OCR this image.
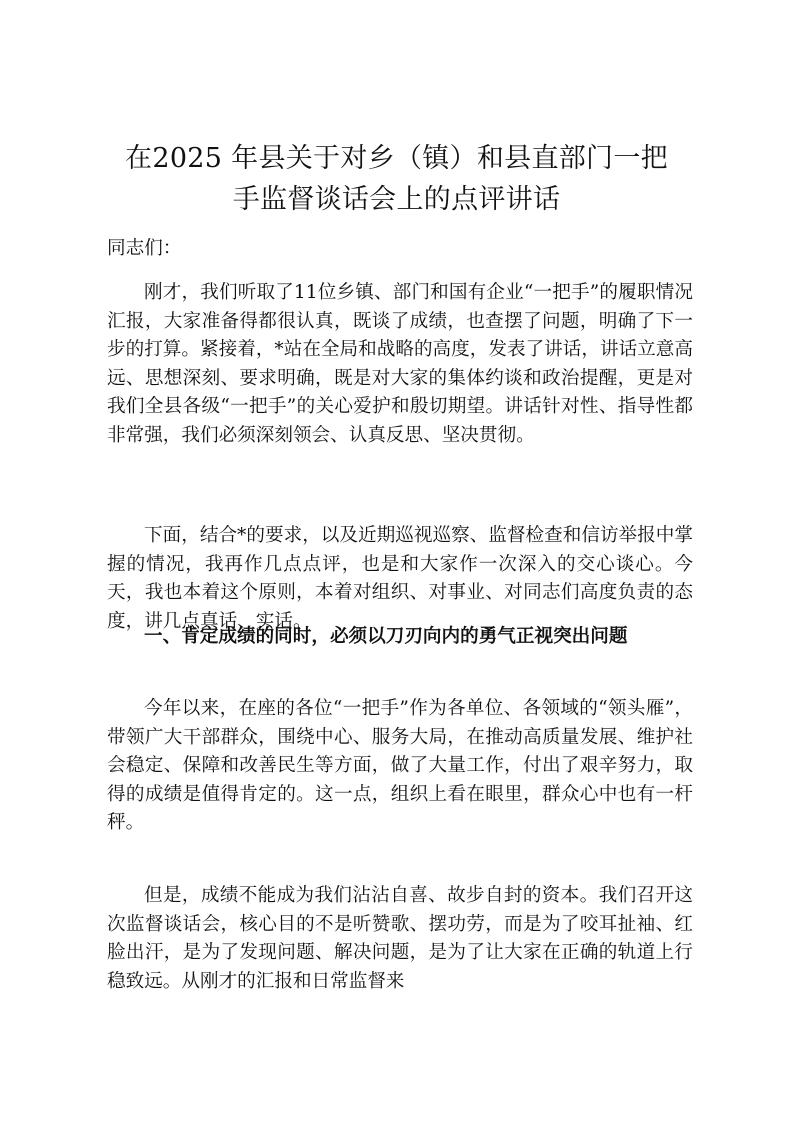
在2025 年县关于对乡（镇）和县直部门一把
手监督谈话会上的点评讲话

同志们：

刚才，我们听取了11位乡镇、部门和国有企业“一把手”的履职情况汇报，大家准备得都很认真，既谈了成绩，也查摆了问题，明确了下一步的打算。紧接着，*站在全局和战略的高度，发表了讲话，讲话立意高远、思想深刻、要求明确，既是对大家的集体约谈和政治提醒，更是对我们全县各级“一把手”的关心爱护和殷切期望。讲话针对性、指导性都非常强，我们必须深刻领会、认真反思、坚决贯彻。

下面，结合*的要求，以及近期巡视巡察、监督检查和信访举报中掌握的情况，我再作几点点评，也是和大家作一次深入的交心谈心。今天，我也本着这个原则，本着对组织、对事业、对同志们高度负责的态度，讲几点真话、实话。

一、肯定成绩的同时，必须以刀刃向内的勇气正视突出问题

今年以来，在座的各位“一把手”作为各单位、各领域的“领头雁”，带领广大干部群众，围绕中心、服务大局，在推动高质量发展、维护社会稳定、保障和改善民生等方面，做了大量工作，付出了艰辛努力，取得的成绩是值得肯定的。这一点，组织上看在眼里，群众心中也有一杆秤。

但是，成绩不能成为我们沾沾自喜、故步自封的资本。我们召开这次监督谈话会，核心目的不是听赞歌、摆功劳，而是为了咬耳扯袖、红脸出汗，是为了发现问题、解决问题，是为了让大家在正确的轨道上行稳致远。从刚才的汇报和日常监督来
